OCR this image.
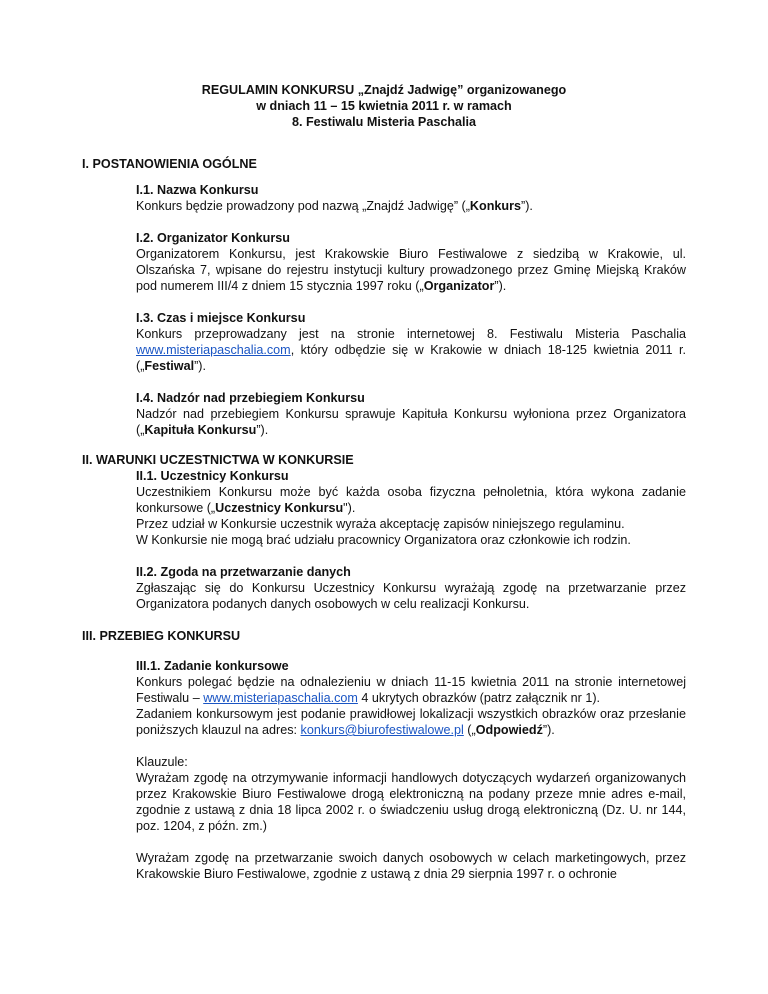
REGULAMIN KONKURSU „Znajdź Jadwigę” organizowanego
w dniach 11 – 15 kwietnia 2011 r. w ramach
8. Festiwalu Misteria Paschalia
I. POSTANOWIENIA OGÓLNE
I.1. Nazwa Konkursu

Konkurs będzie prowadzony pod nazwą „Znajdź Jadwigę” („Konkurs”).

I.2. Organizator Konkursu

Organizatorem Konkursu, jest Krakowskie Biuro Festiwalowe z siedzibą w Krakowie, ul. Olszańska 7, wpisane do rejestru instytucji kultury prowadzonego przez Gminę Miejską Kraków pod numerem III/4 z dniem 15 stycznia 1997 roku („Organizator”).

I.3. Czas i miejsce Konkursu

Konkurs przeprowadzany jest na stronie internetowej 8. Festiwalu Misteria Paschalia www.misteriapaschalia.com, który odbędzie się w Krakowie w dniach 18-125 kwietnia 2011 r. („Festiwal”).

I.4. Nadzór nad przebiegiem Konkursu

Nadzór nad przebiegiem Konkursu sprawuje Kapituła Konkursu wyłoniona przez Organizatora („Kapituła Konkursu”).

II. WARUNKI UCZESTNICTWA W KONKURSIE
II.1. Uczestnicy Konkursu

Uczestnikiem Konkursu może być każda osoba fizyczna pełnoletnia, która wykona zadanie konkursowe („Uczestnicy Konkursu").

Przez udział w Konkursie uczestnik wyraża akceptację zapisów niniejszego regulaminu.

W Konkursie nie mogą brać udziału pracownicy Organizatora oraz członkowie ich rodzin.

II.2. Zgoda na przetwarzanie danych

Zgłaszając się do Konkursu Uczestnicy Konkursu wyrażają zgodę na przetwarzanie przez Organizatora podanych danych osobowych w celu realizacji Konkursu.

III. PRZEBIEG KONKURSU
III.1. Zadanie konkursowe

Konkurs polegać będzie na odnalezieniu w dniach 11-15 kwietnia 2011 na stronie internetowej Festiwalu – www.misteriapaschalia.com 4 ukrytych obrazków (patrz załącznik nr 1).

Zadaniem konkursowym jest podanie prawidłowej lokalizacji wszystkich obrazków oraz przesłanie poniższych klauzul na adres: konkurs@biurofestiwalowe.pl („Odpowiedź”).

Klauzule:

Wyrażam zgodę na otrzymywanie informacji handlowych dotyczących wydarzeń organizowanych przez Krakowskie Biuro Festiwalowe drogą elektroniczną na podany przeze mnie adres e-mail, zgodnie z ustawą z dnia 18 lipca 2002 r. o świadczeniu usług drogą elektroniczną (Dz. U. nr 144, poz. 1204, z późn. zm.)

Wyrażam zgodę na przetwarzanie swoich danych osobowych w celach marketingowych, przez Krakowskie Biuro Festiwalowe, zgodnie z ustawą z dnia 29 sierpnia 1997 r. o ochronie
